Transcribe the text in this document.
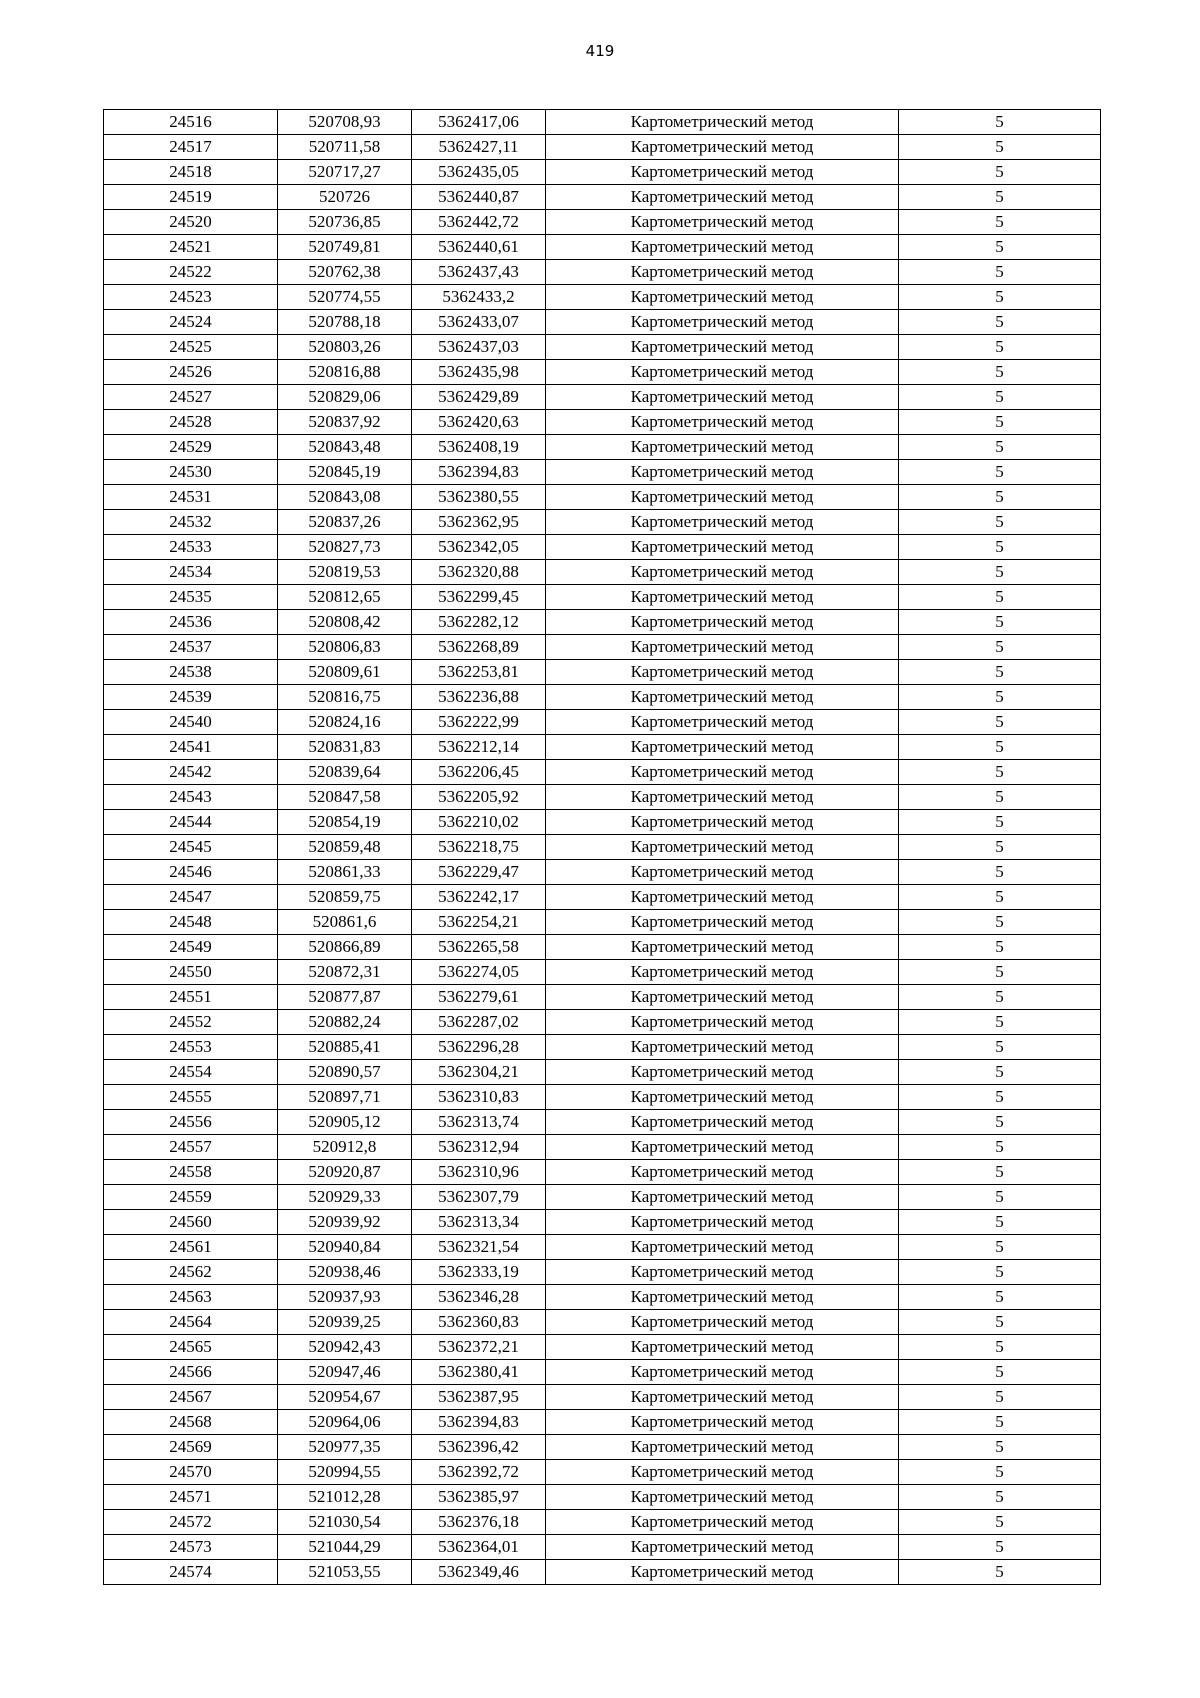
419
24516	520708,93	5362417,06	Картометрический метод	5
24517	520711,58	5362427,11	Картометрический метод	5
24518	520717,27	5362435,05	Картометрический метод	5
24519	520726	5362440,87	Картометрический метод	5
24520	520736,85	5362442,72	Картометрический метод	5
24521	520749,81	5362440,61	Картометрический метод	5
24522	520762,38	5362437,43	Картометрический метод	5
24523	520774,55	5362433,2	Картометрический метод	5
24524	520788,18	5362433,07	Картометрический метод	5
24525	520803,26	5362437,03	Картометрический метод	5
24526	520816,88	5362435,98	Картометрический метод	5
24527	520829,06	5362429,89	Картометрический метод	5
24528	520837,92	5362420,63	Картометрический метод	5
24529	520843,48	5362408,19	Картометрический метод	5
24530	520845,19	5362394,83	Картометрический метод	5
24531	520843,08	5362380,55	Картометрический метод	5
24532	520837,26	5362362,95	Картометрический метод	5
24533	520827,73	5362342,05	Картометрический метод	5
24534	520819,53	5362320,88	Картометрический метод	5
24535	520812,65	5362299,45	Картометрический метод	5
24536	520808,42	5362282,12	Картометрический метод	5
24537	520806,83	5362268,89	Картометрический метод	5
24538	520809,61	5362253,81	Картометрический метод	5
24539	520816,75	5362236,88	Картометрический метод	5
24540	520824,16	5362222,99	Картометрический метод	5
24541	520831,83	5362212,14	Картометрический метод	5
24542	520839,64	5362206,45	Картометрический метод	5
24543	520847,58	5362205,92	Картометрический метод	5
24544	520854,19	5362210,02	Картометрический метод	5
24545	520859,48	5362218,75	Картометрический метод	5
24546	520861,33	5362229,47	Картометрический метод	5
24547	520859,75	5362242,17	Картометрический метод	5
24548	520861,6	5362254,21	Картометрический метод	5
24549	520866,89	5362265,58	Картометрический метод	5
24550	520872,31	5362274,05	Картометрический метод	5
24551	520877,87	5362279,61	Картометрический метод	5
24552	520882,24	5362287,02	Картометрический метод	5
24553	520885,41	5362296,28	Картометрический метод	5
24554	520890,57	5362304,21	Картометрический метод	5
24555	520897,71	5362310,83	Картометрический метод	5
24556	520905,12	5362313,74	Картометрический метод	5
24557	520912,8	5362312,94	Картометрический метод	5
24558	520920,87	5362310,96	Картометрический метод	5
24559	520929,33	5362307,79	Картометрический метод	5
24560	520939,92	5362313,34	Картометрический метод	5
24561	520940,84	5362321,54	Картометрический метод	5
24562	520938,46	5362333,19	Картометрический метод	5
24563	520937,93	5362346,28	Картометрический метод	5
24564	520939,25	5362360,83	Картометрический метод	5
24565	520942,43	5362372,21	Картометрический метод	5
24566	520947,46	5362380,41	Картометрический метод	5
24567	520954,67	5362387,95	Картометрический метод	5
24568	520964,06	5362394,83	Картометрический метод	5
24569	520977,35	5362396,42	Картометрический метод	5
24570	520994,55	5362392,72	Картометрический метод	5
24571	521012,28	5362385,97	Картометрический метод	5
24572	521030,54	5362376,18	Картометрический метод	5
24573	521044,29	5362364,01	Картометрический метод	5
24574	521053,55	5362349,46	Картометрический метод	5
